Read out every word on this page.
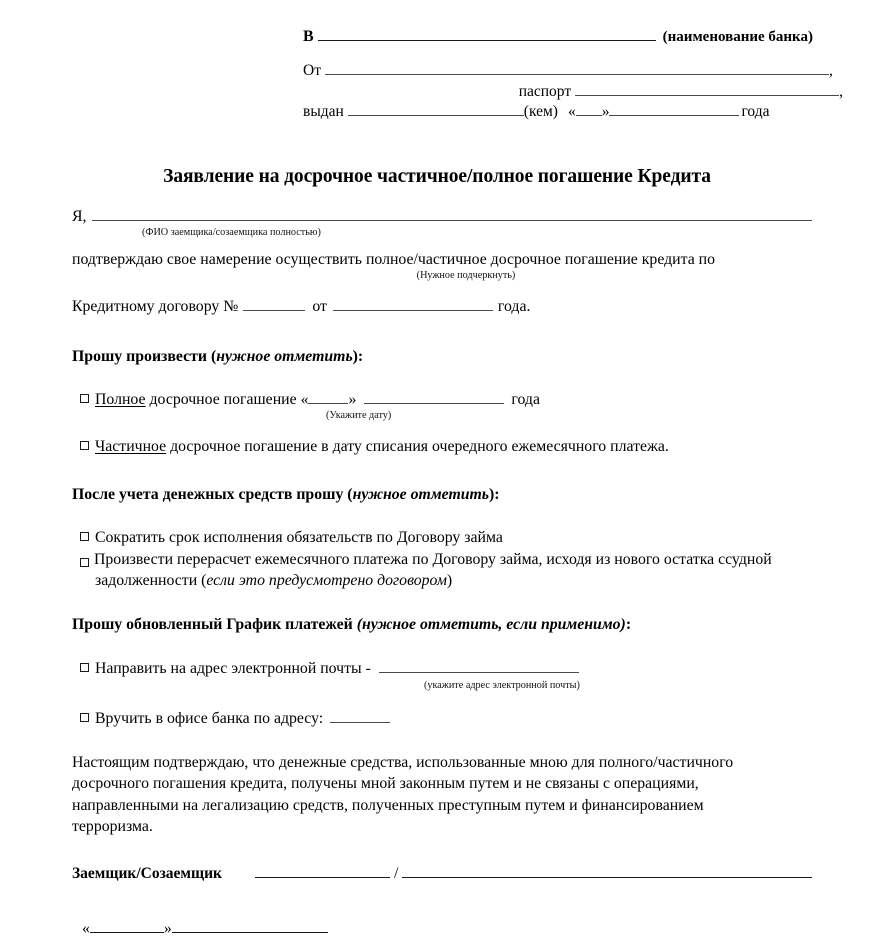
В	(наименование банка)
От	,
паспорт	,
выдан	(кем) « »	года
Заявление на досрочное частичное/полное погашение Кредита
Я,
(ФИО заемщика/созаемщика полностью)
подтверждаю свое намерение осуществить полное/частичное досрочное погашение кредита по
(Нужное подчеркнуть)
Кредитному договору №	от	года.
Прошу произвести (нужное отметить):
Полное досрочное погашение «	»	года
(Укажите дату)
Частичное досрочное погашение в дату списания очередного ежемесячного платежа.
После учета денежных средств прошу (нужное отметить):
Сократить срок исполнения обязательств по Договору займа
Произвести перерасчет ежемесячного платежа по Договору займа, исходя из нового остатка ссудной задолженности (если это предусмотрено договором)
Прошу обновленный График платежей (нужное отметить, если применимо):
Направить на адрес электронной почты -
(укажите адрес электронной почты)
Вручить в офисе банка по адресу:
Настоящим подтверждаю, что денежные средства, использованные мною для полного/частичного досрочного погашения кредита, получены мной законным путем и не связаны с операциями, направленными на легализацию средств, полученных преступным путем и финансированием терроризма.
Заемщик/Созаемщик	/
«	»
